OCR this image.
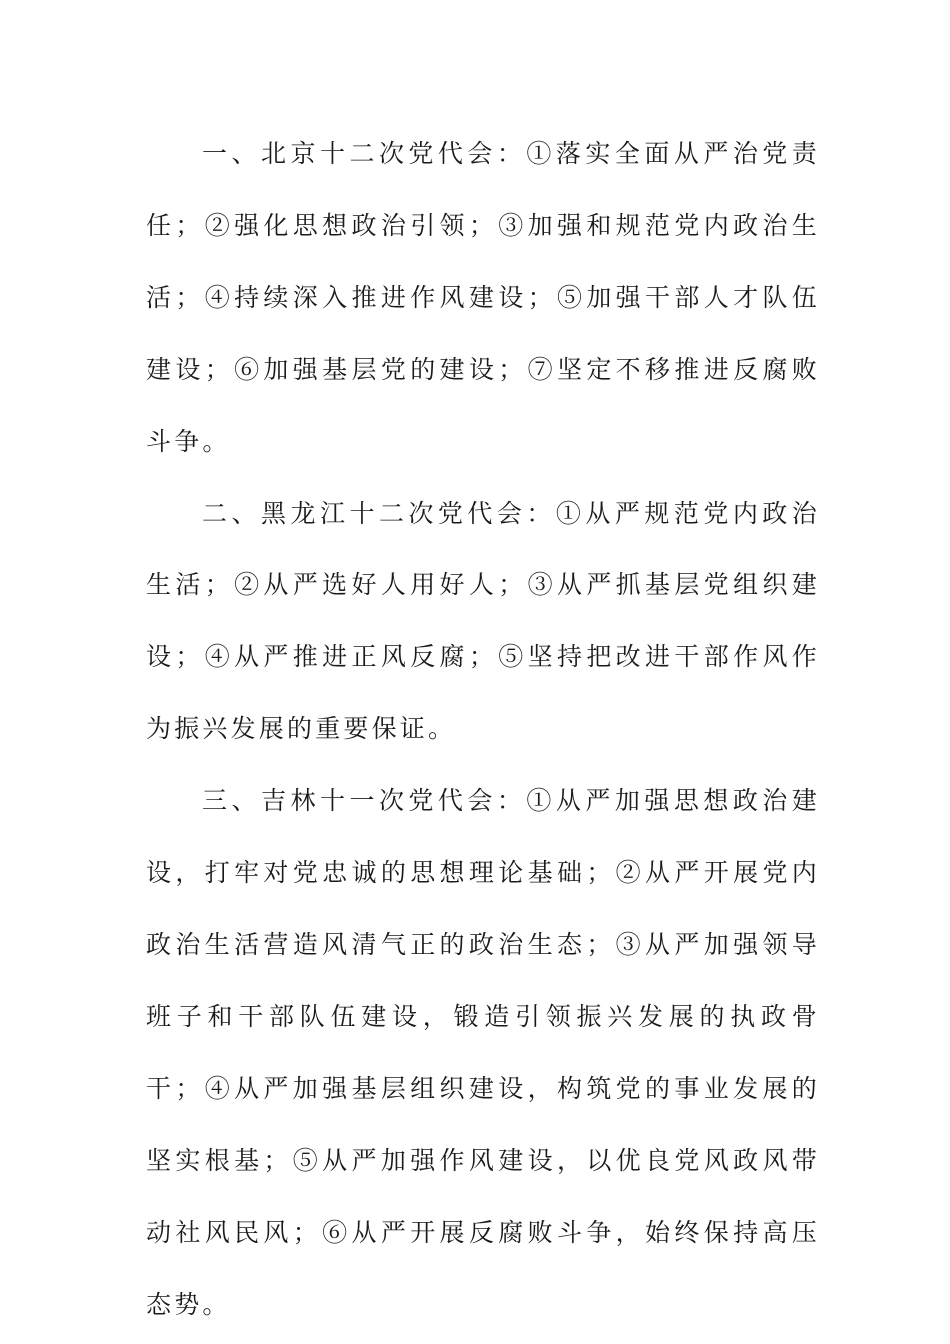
一、北京十二次党代会：①落实全面从严治党责任；②强化思想政治引领；③加强和规范党内政治生活；④持续深入推进作风建设；⑤加强干部人才队伍建设；⑥加强基层党的建设；⑦坚定不移推进反腐败斗争。

二、黑龙江十二次党代会：①从严规范党内政治生活；②从严选好人用好人；③从严抓基层党组织建设；④从严推进正风反腐；⑤坚持把改进干部作风作为振兴发展的重要保证。

三、吉林十一次党代会：①从严加强思想政治建设，打牢对党忠诚的思想理论基础；②从严开展党内政治生活营造风清气正的政治生态；③从严加强领导班子和干部队伍建设，锻造引领振兴发展的执政骨干；④从严加强基层组织建设，构筑党的事业发展的坚实根基；⑤从严加强作风建设，以优良党风政风带动社风民风；⑥从严开展反腐败斗争，始终保持高压态势。
